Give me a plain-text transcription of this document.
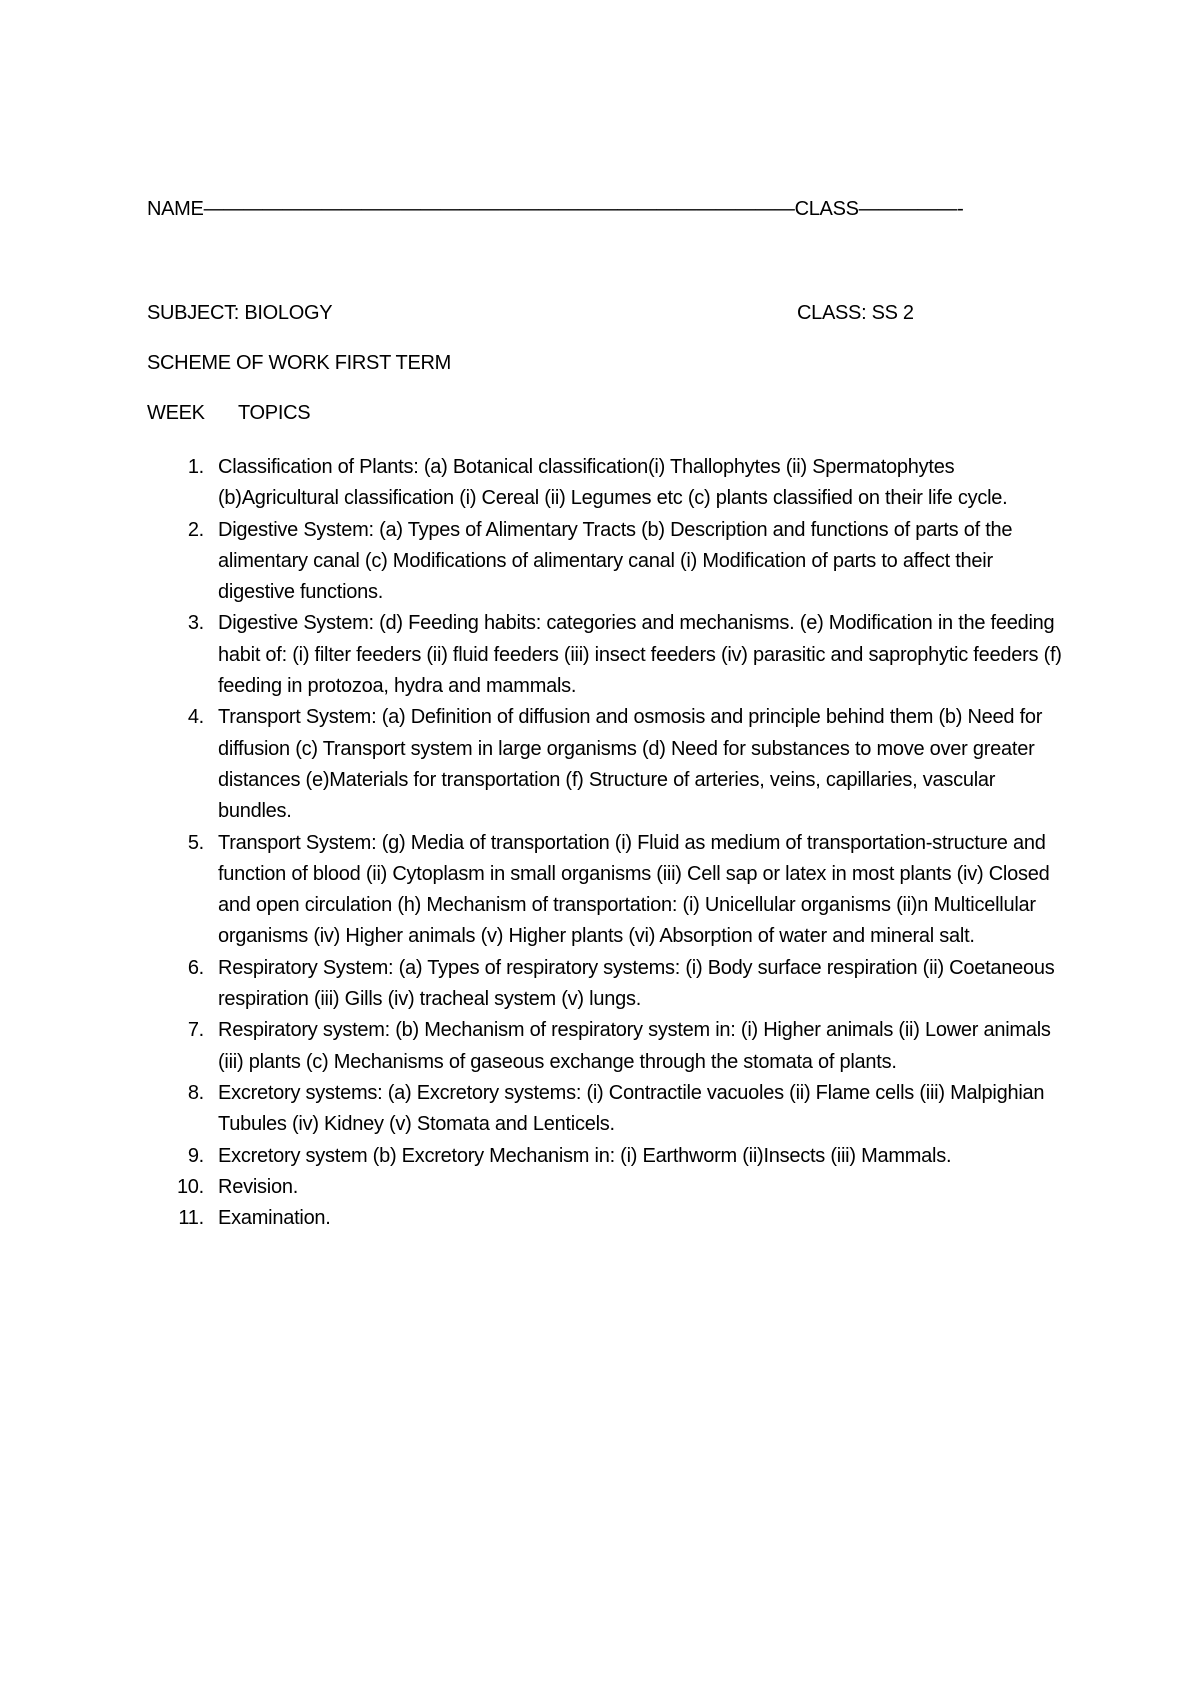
NAME——————————————————————————————CLASS—————-
SUBJECT: BIOLOGY	CLASS: SS 2
SCHEME OF WORK FIRST TERM
WEEK TOPICS
1. Classification of Plants: (a) Botanical classification(i) Thallophytes (ii) Spermatophytes (b)Agricultural classification (i) Cereal (ii) Legumes etc (c) plants classified on their life cycle.
2. Digestive System: (a) Types of Alimentary Tracts (b) Description and functions of parts of the alimentary canal (c) Modifications of alimentary canal (i) Modification of parts to affect their digestive functions.
3. Digestive System: (d) Feeding habits: categories and mechanisms. (e) Modification in the feeding habit of: (i) filter feeders (ii) fluid feeders (iii) insect feeders (iv) parasitic and saprophytic feeders (f) feeding in protozoa, hydra and mammals.
4. Transport System: (a) Definition of diffusion and osmosis and principle behind them (b) Need for diffusion (c) Transport system in large organisms (d) Need for substances to move over greater distances (e)Materials for transportation (f) Structure of arteries, veins, capillaries, vascular bundles.
5. Transport System: (g) Media of transportation (i) Fluid as medium of transportation-structure and function of blood (ii) Cytoplasm in small organisms (iii) Cell sap or latex in most plants (iv) Closed and open circulation (h) Mechanism of transportation: (i) Unicellular organisms (ii)n Multicellular organisms (iv) Higher animals (v) Higher plants (vi) Absorption of water and mineral salt.
6. Respiratory System: (a) Types of respiratory systems: (i) Body surface respiration (ii) Coetaneous respiration (iii) Gills (iv) tracheal system (v) lungs.
7. Respiratory system: (b) Mechanism of respiratory system in: (i) Higher animals (ii) Lower animals (iii) plants (c) Mechanisms of gaseous exchange through the stomata of plants.
8. Excretory systems: (a) Excretory systems: (i) Contractile vacuoles (ii) Flame cells (iii) Malpighian Tubules (iv) Kidney (v) Stomata and Lenticels.
9. Excretory system (b) Excretory Mechanism in: (i) Earthworm (ii)Insects (iii) Mammals.
10. Revision.
11. Examination.
